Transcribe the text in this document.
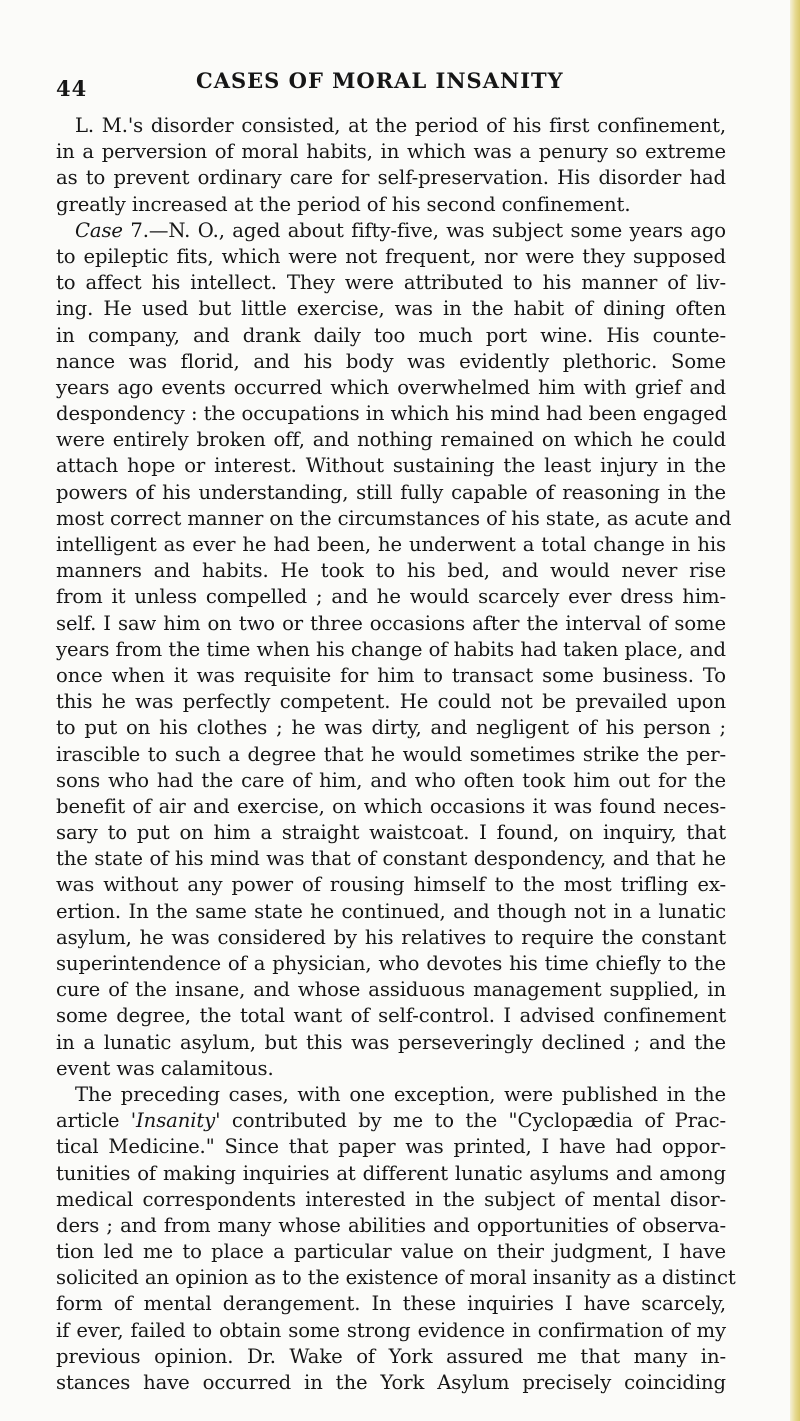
44	CASES OF MORAL INSANITY
L. M.'s disorder consisted, at the period of his first confinement,
in a perversion of moral habits, in which was a penury so extreme
as to prevent ordinary care for self-preservation. His disorder had
greatly increased at the period of his second confinement.
Case 7.—N. O., aged about fifty-five, was subject some years ago
to epileptic fits, which were not frequent, nor were they supposed
to affect his intellect. They were attributed to his manner of liv-
ing. He used but little exercise, was in the habit of dining often
in company, and drank daily too much port wine. His counte-
nance was florid, and his body was evidently plethoric. Some
years ago events occurred which overwhelmed him with grief and
despondency : the occupations in which his mind had been engaged
were entirely broken off, and nothing remained on which he could
attach hope or interest. Without sustaining the least injury in the
powers of his understanding, still fully capable of reasoning in the
most correct manner on the circumstances of his state, as acute and
intelligent as ever he had been, he underwent a total change in his
manners and habits. He took to his bed, and would never rise
from it unless compelled ; and he would scarcely ever dress him-
self. I saw him on two or three occasions after the interval of some
years from the time when his change of habits had taken place, and
once when it was requisite for him to transact some business. To
this he was perfectly competent. He could not be prevailed upon
to put on his clothes ; he was dirty, and negligent of his person ;
irascible to such a degree that he would sometimes strike the per-
sons who had the care of him, and who often took him out for the
benefit of air and exercise, on which occasions it was found neces-
sary to put on him a straight waistcoat. I found, on inquiry, that
the state of his mind was that of constant despondency, and that he
was without any power of rousing himself to the most trifling ex-
ertion. In the same state he continued, and though not in a lunatic
asylum, he was considered by his relatives to require the constant
superintendence of a physician, who devotes his time chiefly to the
cure of the insane, and whose assiduous management supplied, in
some degree, the total want of self-control. I advised confinement
in a lunatic asylum, but this was perseveringly declined ; and the
event was calamitous.
The preceding cases, with one exception, were published in the
article 'Insanity' contributed by me to the "Cyclopædia of Prac-
tical Medicine." Since that paper was printed, I have had oppor-
tunities of making inquiries at different lunatic asylums and among
medical correspondents interested in the subject of mental disor-
ders ; and from many whose abilities and opportunities of observa-
tion led me to place a particular value on their judgment, I have
solicited an opinion as to the existence of moral insanity as a distinct
form of mental derangement. In these inquiries I have scarcely,
if ever, failed to obtain some strong evidence in confirmation of my
previous opinion. Dr. Wake of York assured me that many in-
stances have occurred in the York Asylum precisely coinciding
